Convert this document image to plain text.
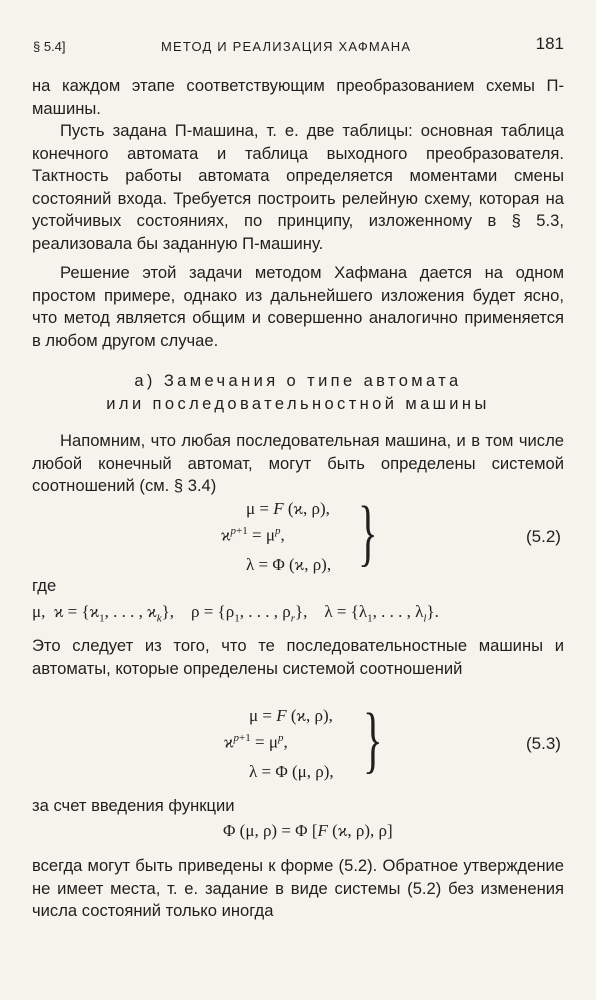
§ 5.4]	МЕТОД И РЕАЛИЗАЦИЯ ХАФМАНА	181

на каждом этапе соответствующим преобразованием схемы П-машины.

Пусть задана П-машина, т. е. две таблицы: основная таблица конечного автомата и таблица выходного преобразователя. Тактность работы автомата определяется моментами смены состояний входа. Требуется построить релейную схему, которая на устойчивых состояниях, по принципу, изложенному в § 5.3, реализовала бы заданную П-машину.

Решение этой задачи методом Хафмана дается на одном простом примере, однако из дальнейшего изложения будет ясно, что метод является общим и совершенно аналогично применяется в любом другом случае.

а) Замечания о типе автомата
или последовательностной машины

Напомним, что любая последовательная машина, и в том числе любой конечный автомат, могут быть определены системой соотношений (см. § 3.4)

μ = F (ϰ, ρ),
$ϰ^{p+1} = \mu^p$,
λ = Φ (ϰ, ρ), }	(5.2)
где
μ,  $ϰ = \{ϰ_1$, . . . , $ϰ_k$},    $\rho = \{\rho_1$, . . . , $\rho_r$},    $\lambda = \{\lambda_1$, . . . , $\lambda_l$}.

Это следует из того, что те последовательностные машины и автоматы, которые определены системой соотношений

μ = F (ϰ, ρ),
$ϰ^{p+1} = \mu^p$,
λ = Φ (μ, ρ), }	(5.3)

за счет введения функции

Φ (μ, ρ) = Φ [F (ϰ, ρ), ρ]

всегда могут быть приведены к форме (5.2). Обратное утверждение не имеет места, т. е. задание в виде системы (5.2) без изменения числа состояний только иногда
